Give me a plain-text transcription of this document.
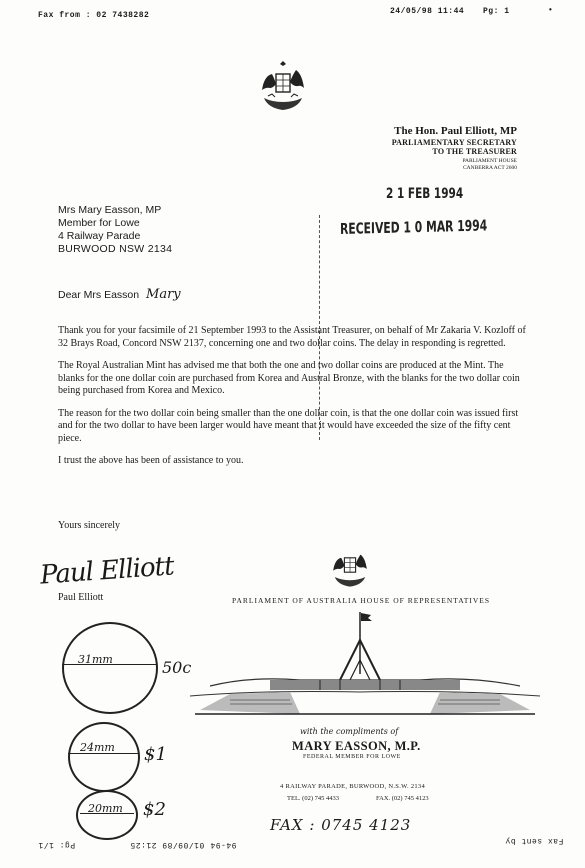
Fax from : 02 7438282	24/05/98 11:44 Pg: 1	•
The Hon. Paul Elliott, MP
PARLIAMENTARY SECRETARY
TO THE TREASURER
PARLIAMENT HOUSE
CANBERRA ACT 2600
2 1 FEB 1994
RECEIVED 1 0 MAR 1994
Mrs Mary Easson, MP
Member for Lowe
4 Railway Parade
BURWOOD NSW 2134
Dear Mrs Easson Mary

Thank you for your facsimile of 21 September 1993 to the Assistant Treasurer, on behalf of Mr Zakaria V. Kozloff of 32 Brays Road, Concord NSW 2137, concerning one and two dollar coins. The delay in responding is regretted.

The Royal Australian Mint has advised me that both the one and two dollar coins are produced at the Mint. The blanks for the one dollar coin are purchased from Korea and Austral Bronze, with the blanks for the two dollar coin being purchased from Korea and Mexico.

The reason for the two dollar coin being smaller than the one dollar coin, is that the one dollar coin was issued first and for the two dollar to have been larger would have meant that it would have exceeded the size of the fifty cent piece.

I trust the above has been of assistance to you.

Yours sincerely
Paul Elliott
Paul Elliott	PARLIAMENT OF AUSTRALIA HOUSE OF REPRESENTATIVES
with the compliments of
MARY EASSON, M.P.
FEDERAL MEMBER FOR LOWE
4 RAILWAY PARADE, BURWOOD, N.S.W. 2134
TEL. (02) 745 4433	FAX. (02) 745 4123
31mm	50c
24mm $1
20mm $2
FAX : 0745 4123
Fax sent by
01/09/89 21:25 94-94
Pg: 1/1
